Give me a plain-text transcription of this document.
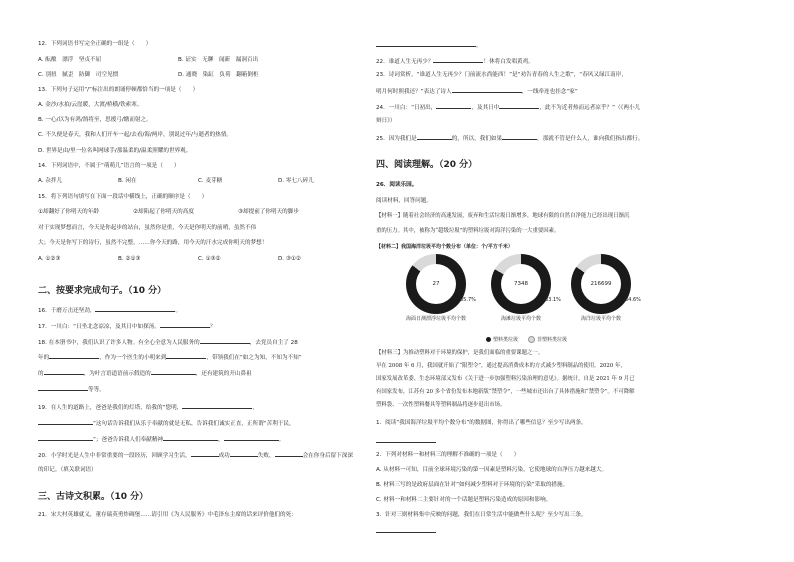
12．下列词语书写完全正确的一组是（　　）
A. 酝酿　漂浮　坚贞不屈	B. 证实　无聊　闻新　漏洞百出
C. 别扭　腻歪　防御　司空见惯	D. 通晓　染缸　负荷　翻箱倒柜
13．下列句子运用“/”标注出的朗诵停顿都恰当的一项是（　　）
A. 金沙/水拍/云崖暖，大渡/桥横/铁索寒。
B. 一心/以为有鸿/鹄将至，思援弓/缴而射之。
C. 不久便是春天，我和人们开车一起/去看/海/两岸，别说过年/与逝者的热情。
D. 世界是由/里一位名叫网球手/那温柔的/温柔照耀的世界观。
14．下列词语中，不属于“萌萌儿”语言的一项是（　　）
A. 杂拌儿	B. 闲在	C. 麦芽糖	D. 零七八碎儿
15．将下列语句填写在下面一段话中横线上，正确的顺序是（　　）
①却翻好了你明天的年龄	②却陷起了你明天的高度	③却提前了你明天的脚步
对于实现梦想而言，今天是你起步的站台，虽然你是重，今天是你明天的前哨，虽然不伟
大；今天是你写下的诗行，虽然不完整，……你今天的路，用今天的汗水完成你明天的梦想！
A. ①②③	B. ②①③	C. ①③②	D. ③①②
二、按要求完成句子。（10 分）
16．千磨万击还坚劲，	。
17．一川白：“日坐北念凉凉，及其日中如探汤。	？
18. 在本册书中，我们认识了许多人物。有全心全意为人民服务的	，去党员自主了 28
年的	，作为一个医生的小明来到	，带领我们在“如之为知，不知为不知”
的	，为叶言语道语前示假造的	，还有建筑的开山鼻祖
等等。
19．在人生的道路上，爸爸是我们的灯塔，给我的“您明，	，
”这句话告诉我们从乐于奉献的就是无私，告诉我们诚实正直，正所谓“苦利于民，
”；爸爸告诉我人们奉献精神	，	。
20．小学时光是人生中非常重要的一段经历，回顾学习生活，	成功	失败，	会在你身后留下深深
的印记。（填关联词语）
三、古诗文积累。（10 分）
21．宋大村英雄就义，董存瑞英勇炸碉堡……请引用《为人民服务》中毛泽东主席的话来评价他们的死：
。
22．谁道人生无再少？	！休将白发唱黄鸡。
23．诗词赏析，“谁道人生无再少？门前流水尚能西！”是“劝告青春的人生之歌”，“春风又绿江南岸，
明月何时照我还？”表达了诗人	，一线牵连也挂念“家”
24．一川白：“日初出，	，及其日中	，此不为近者热而远者凉乎？”（《两小儿
辩日》）
25．因为我们是	的，所以，我们如果	，那就不管是什么人，谁向我们指出都行。
四、阅读理解。（20 分）
26．阅读乐园。
阅读材料，回答问题。
【材料一】随着社会经济的高速发展，废弃和生活垃圾日渐增多，地球有限的自然自净能力已经出现日渐沉
重的压力。其中，被称为“超级垃圾”的塑料垃圾对海洋污染的一大重要因素。
【材料二】我国海洋垃圾平均个数分布（单位：个/平方千米）
27
85.7%
海面日测漂浮垃圾平均个数
7348
83.1%
海滩垃圾平均个数
216699
84.6%
海洋垃圾平均个数
塑料类垃圾	非塑料类垃圾
【材料三】为推动塑料对于环境的保护，是我们面临的重要课题之一。
早在 2008 年 6 月，我国就开始了“限塑令”，通过提高消费成本的方式减少塑料制品的使用。2020 年，
国家发展改革委、生态环境部又发布《关于进一步加强塑料污染治理的意见》。据统计，自是 2021 年 9 月已
有国家发布，江苏有 20 多个省份发布本地新版“禁塑令”，一些城市还出台了具体措施和“禁塑令”。不可降解
塑料袋、一次性塑料餐具等塑料制品将逐步退出市场。
1．阅读“我国海洋垃圾平均个数分布”的数据图，你得出了哪些信息？至少写出两条。
2．下列对材料一和材料三的理解不准确的一项是（　　）
A. 从材料一可知，目前全球环境污染的第一因素是塑料污染，它使地球的自净压力越来越大。
B. 材料三写的是政府层面在针对“如何减少塑料对于环境的污染”采取的措施。
C. 材料一和材料二主要针对的一个话题是塑料污染造成的原因和影响。
3．针对三则材料集中反映的问题，我们在日常生活中能做些什么呢？至少写出三条。
